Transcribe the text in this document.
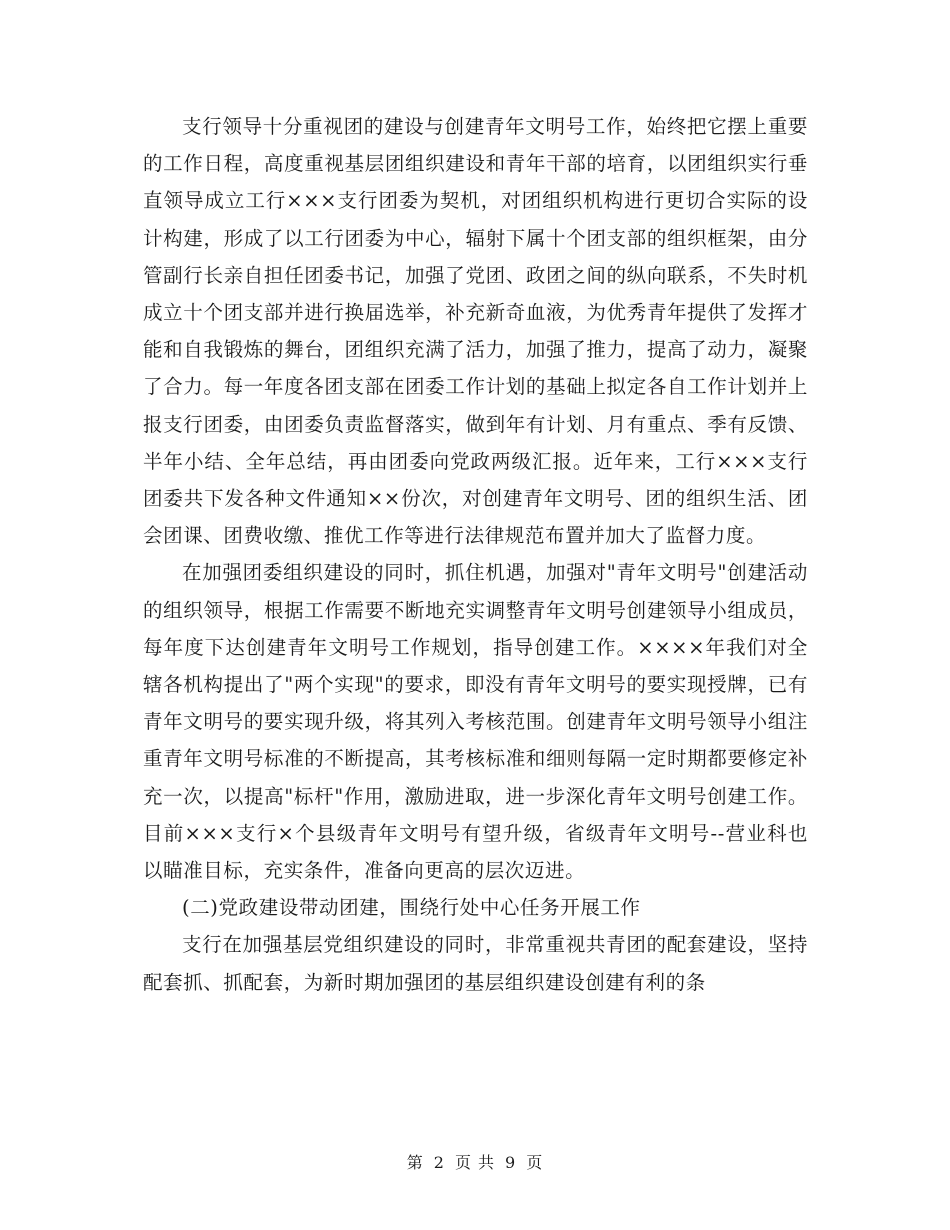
支行领导十分重视团的建设与创建青年文明号工作，始终把它摆上重要的工作日程，高度重视基层团组织建设和青年干部的培育，以团组织实行垂直领导成立工行×××支行团委为契机，对团组织机构进行更切合实际的设计构建，形成了以工行团委为中心，辐射下属十个团支部的组织框架，由分管副行长亲自担任团委书记，加强了党团、政团之间的纵向联系，不失时机成立十个团支部并进行换届选举，补充新奇血液，为优秀青年提供了发挥才能和自我锻炼的舞台，团组织充满了活力，加强了推力，提高了动力，凝聚了合力。每一年度各团支部在团委工作计划的基础上拟定各自工作计划并上报支行团委，由团委负责监督落实，做到年有计划、月有重点、季有反馈、半年小结、全年总结，再由团委向党政两级汇报。近年来，工行×××支行团委共下发各种文件通知××份次，对创建青年文明号、团的组织生活、团会团课、团费收缴、推优工作等进行法律规范布置并加大了监督力度。

在加强团委组织建设的同时，抓住机遇，加强对"青年文明号"创建活动的组织领导，根据工作需要不断地充实调整青年文明号创建领导小组成员，每年度下达创建青年文明号工作规划，指导创建工作。××××年我们对全辖各机构提出了"两个实现"的要求，即没有青年文明号的要实现授牌，已有青年文明号的要实现升级，将其列入考核范围。创建青年文明号领导小组注重青年文明号标准的不断提高，其考核标准和细则每隔一定时期都要修定补充一次，以提高"标杆"作用，激励进取，进一步深化青年文明号创建工作。目前×××支行×个县级青年文明号有望升级，省级青年文明号--营业科也以瞄准目标，充实条件，准备向更高的层次迈进。

(二)党政建设带动团建，围绕行处中心任务开展工作

支行在加强基层党组织建设的同时，非常重视共青团的配套建设，坚持配套抓、抓配套，为新时期加强团的基层组织建设创建有利的条

第 2 页 共 9 页
